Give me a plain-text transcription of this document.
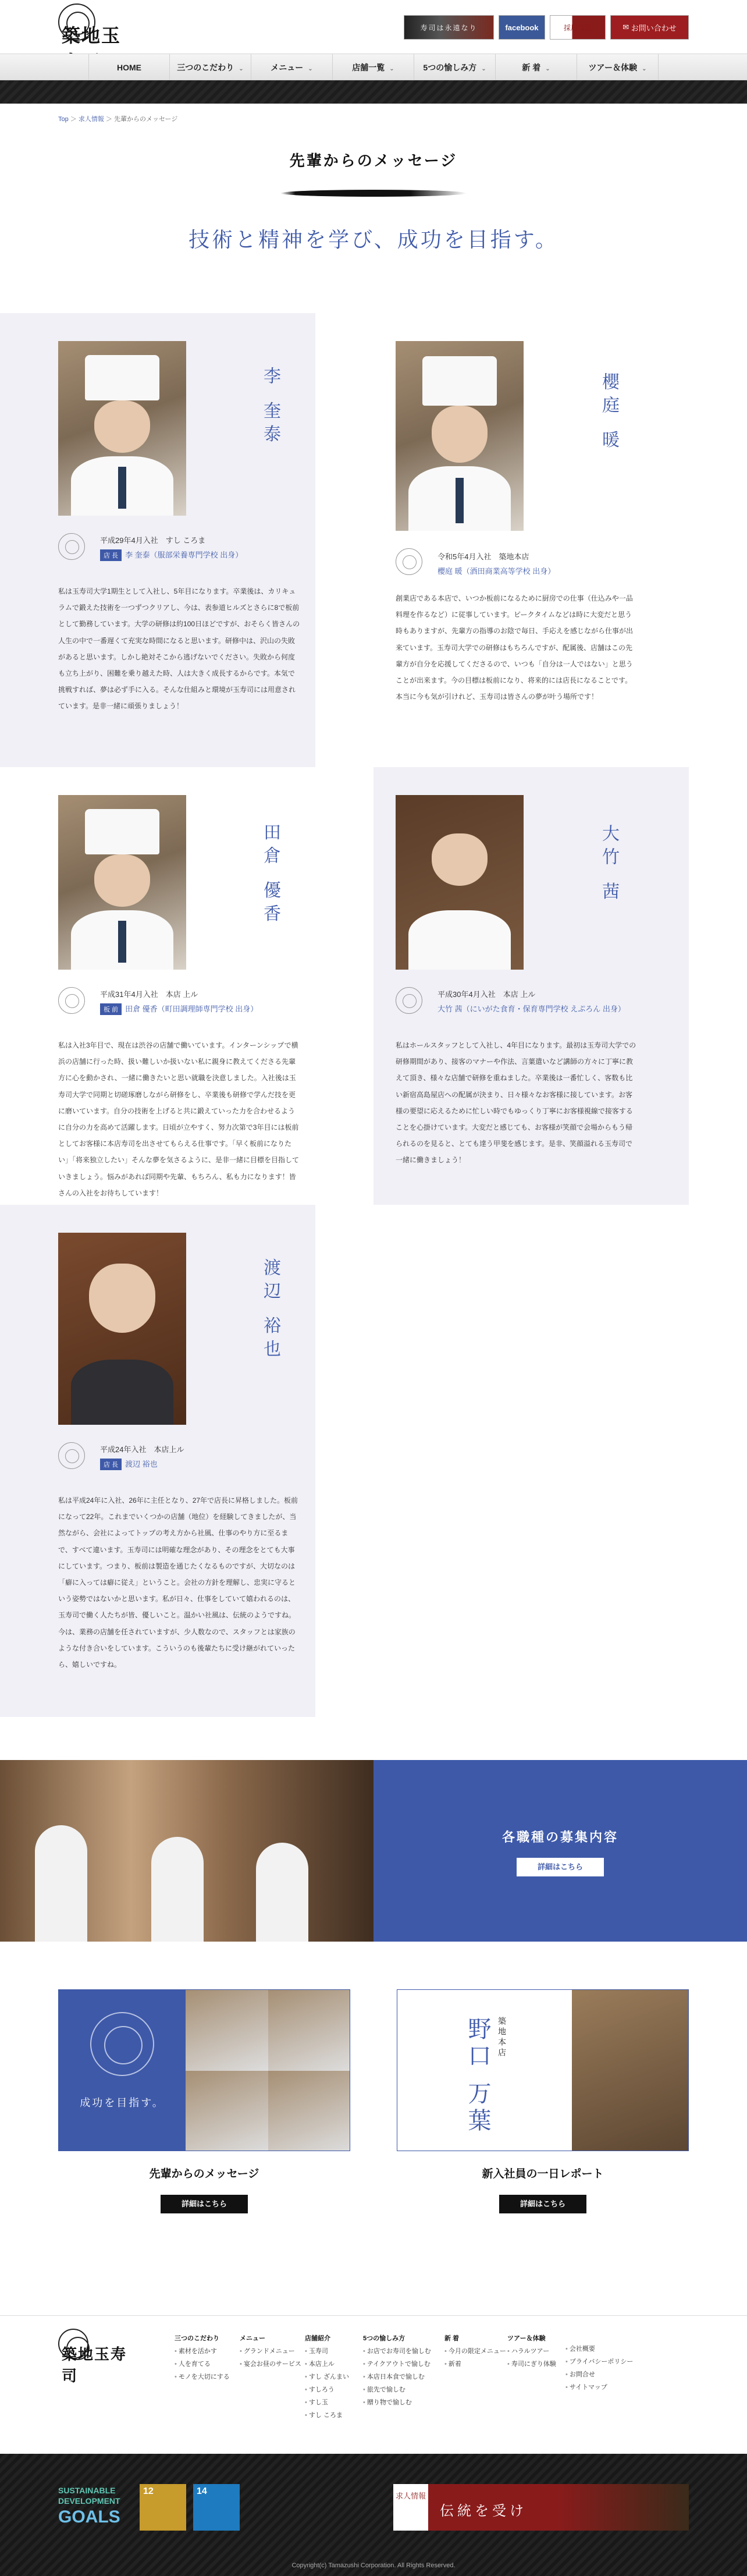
築地玉	寿司は永遠なり	facebook	採用情報	✉ お問い合わせ
HOME	三つのこだわり ⌄	メニュー ⌄	店舗一覧 ⌄	5つの愉しみ方 ⌄	新 着 ⌄	ツアー＆体験 ⌄
Top ＞ 求人情報 ＞ 先輩からのメッセージ
先輩からのメッセージ

技術と精神を学び、成功を目指す。

李 奎泰
平成29年4月入社　すし ころま
店 長 李 奎泰（服部栄養専門学校 出身）

私は玉寿司大学1期生として入社し、5年目になります。卒業後は、カリキュラムで鍛えた技術を一つずつクリアし、今は、表参道ヒルズとさらに8で板前として勤務しています。大学の研修は約100日ほどですが、おそらく皆さんの人生の中で一番遅くて充実な時間になると思います。研修中は、沢山の失敗があると思います。しかし絶対そこから逃げないでください。失敗から何度も立ち上がり、困難を乗り越えた時、人は大きく成長するからです。本気で挑戦すれば、夢は必ず手に入る。そんな仕組みと環境が玉寿司には用意されています。是非一緒に頑張りましょう！

櫻庭 暖
令和5年4月入社　築地本店
櫻庭 暖（酒田商業高等学校 出身）

創業店である本店で、いつか板前になるために厨房での仕事（仕込みや一品料理を作るなど）に従事しています。ピークタイムなどは時に大変だと思う時もありますが、先輩方の指導のお陰で毎日、手応えを感じながら仕事が出来ています。玉寿司大学での研修はもちろんですが、配属後、店舗はこの先輩方が自分を応援してくださるので、いつも「自分は一人ではない」と思うことが出来ます。今の目標は板前になり、将来的には店長になることです。本当に今も気が引けれど、玉寿司は皆さんの夢が叶う場所です！

田倉 優香
平成31年4月入社　本店 上ル
板 前 田倉 優香（町田調理師専門学校 出身）

私は入社3年目で、現在は渋谷の店舗で働いています。インターンシップで横浜の店舗に行った時、扱い難しいか扱いない私に親身に教えてくださる先輩方に心を動かされ、一緒に働きたいと思い就職を決意しました。入社後は玉寿司大学で同期と切磋琢磨しながら研修をし、卒業後も研修で学んだ技を更に磨いています。自分の技術を上げると共に鍛えていった力を合わせるように自分の力を高めて活躍します。日頃が立やすく、努力次第で3年目には板前としてお客様に本店寿司を出させてもらえる仕事です。「早く板前になりたい」「将来独立したい」そんな夢を気さるように、是非一緒に目標を目指していきましょう。悩みがあれば同期や先輩、もちろん、私も力になります！皆さんの入社をお待ちしています！

大竹 茜
平成30年4月入社　本店 上ル
大竹 茜（にいがた食育・保育専門学校 えぷろん 出身）

私はホールスタッフとして入社し、4年目になります。最初は玉寿司大学での研修期間があり、接客のマナーや作法、言葉遣いなど講師の方々に丁寧に教えて頂き、様々な店舗で研修を重ねました。卒業後は一番忙しく、客数も比い新宿高島屋店への配属が決まり、日々様々なお客様に接しています。お客様の要望に応えるために忙しい時でもゆっくり丁寧にお客様視線で接客することを心掛けています。大変だと感じても、お客様が笑顔で会場からもう帰られるのを見ると、とても達う甲斐を感じます。是非、笑顔溢れる玉寿司で一緒に働きましょう！

渡辺 裕也
平成24年入社　本店上ル
店 長 渡辺 裕也

私は平成24年に入社、26年に主任となり、27年で店長に昇格しました。板前になって22年。これまでいくつかの店舗（地位）を経験してきましたが、当然ながら、会社によってトップの考え方から社風、仕事のやり方に至るまで、すべて違います。玉寿司には明確な理念があり、その理念をとても大事にしています。つまり、板前は製造を通じたくなるものですが、大切なのは「癖に入っては癖に従え」ということ。会社の方針を理解し、忠実に守るという姿勢ではないかと思います。私が日々、仕事をしていて嬉われるのは、玉寿司で働く人たちが皆、優しいこと。温かい社風は、伝統のようですね。今は、業務の店舗を任されていますが、少人数なので、スタッフとは家族のような付き合いをしています。こういうのも後輩たちに受け継がれていったら、嬉しいですね。

各職種の募集内容
詳細はこちら
成功を目指す。
先輩からのメッセージ
詳細はこちら
築地本店
野口 万葉
新入社員の一日レポート
詳細はこちら
築地玉寿司
三つのこだわり
• 素材を活かす
• 人を育てる
• モノを大切にする
メニュー
• グランドメニュー
• 宴会お昼のサービス
店舗紹介
• 玉寿司
• 本店上ル
• すし ざんまい
• すしろう
• すし玉
• すし ころま
5つの愉しみ方
• お店でお寿司を愉しむ
• テイクアウトで愉しむ
• 本店日本食で愉しむ
• 旅先で愉しむ
• 贈り物で愉しむ
新 着
• 今月の限定メニュー
• 新着
ツアー＆体験
• ハラルツアー
• 寿司にぎり体験
• 会社概要
• プライバシーポリシー
• お問合せ
• サイトマップ
SUSTAINABLE
DEVELOPMENT
GOALS
12	14	求人情報
伝統を受け
Copyright(c) Tamazushi Corporation. All Rights Reserved.
